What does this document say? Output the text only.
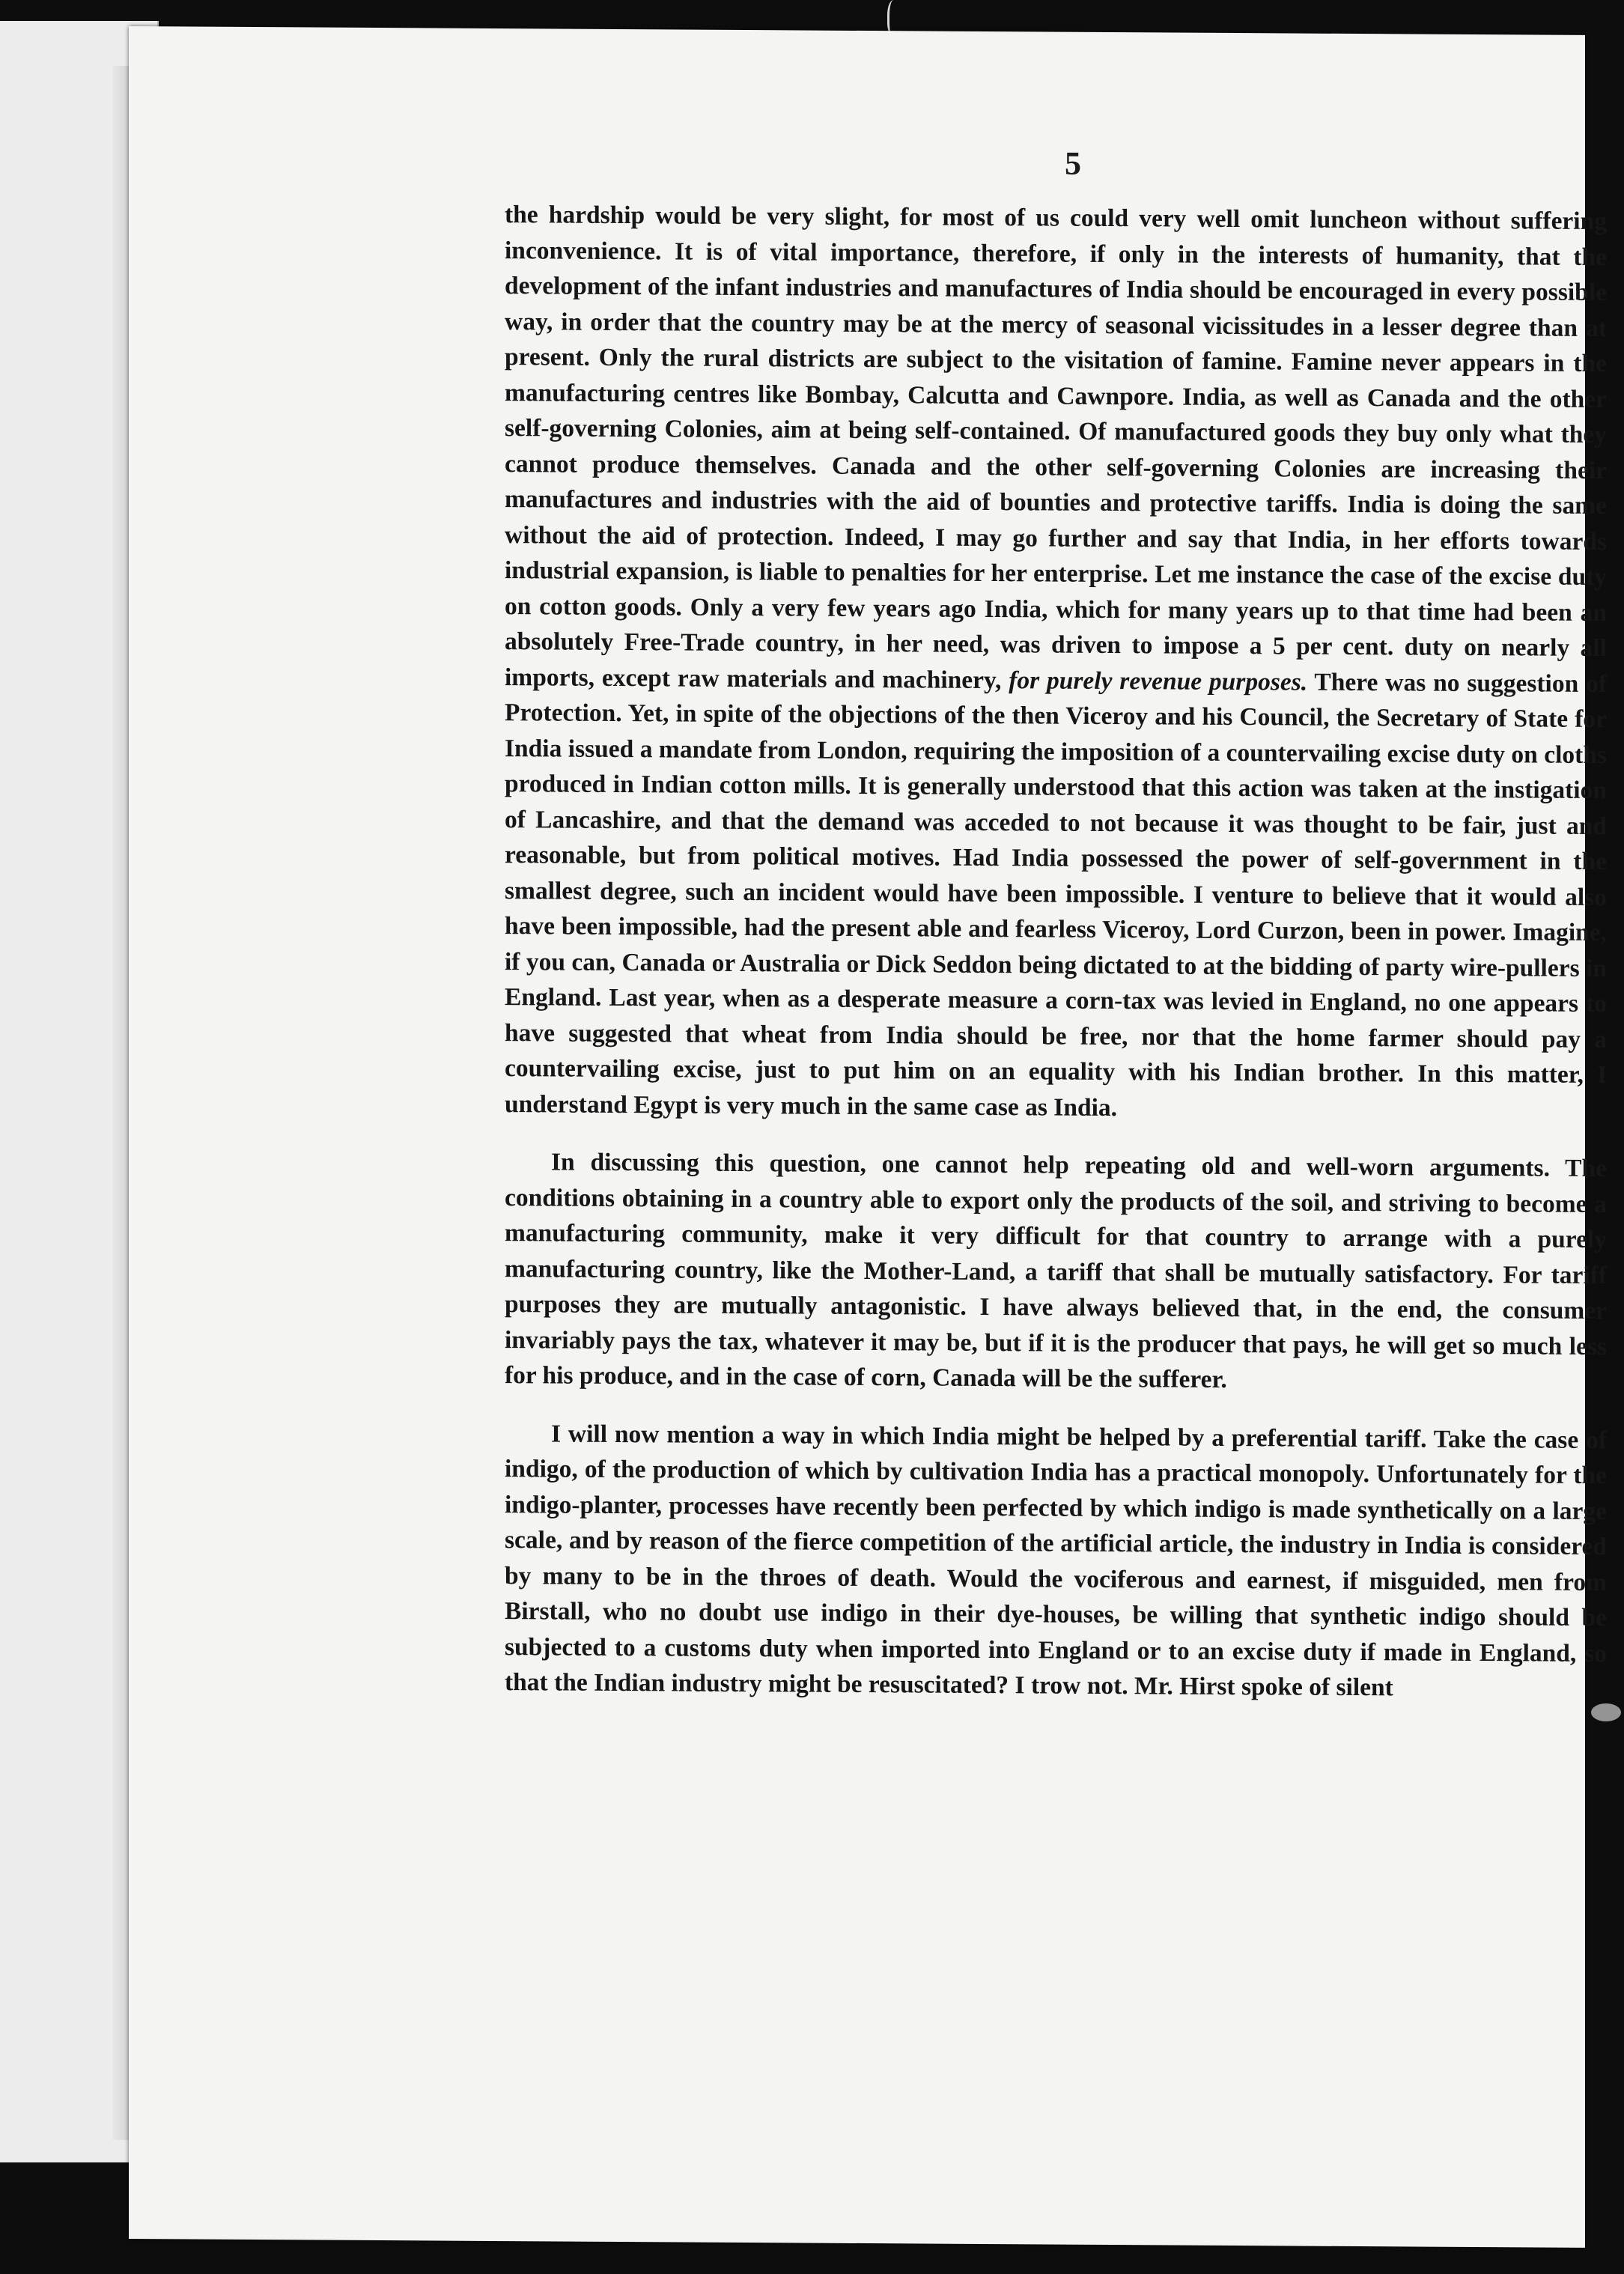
5

the hardship would be very slight, for most of us could very well omit luncheon without suffering inconvenience. It is of vital importance, therefore, if only in the interests of humanity, that the development of the infant industries and manufactures of India should be encouraged in every possible way, in order that the country may be at the mercy of seasonal vicissitudes in a lesser degree than at present. Only the rural districts are subject to the visitation of famine. Famine never appears in the manufacturing centres like Bombay, Calcutta and Cawnpore. India, as well as Canada and the other self-governing Colonies, aim at being self-contained. Of manufactured goods they buy only what they cannot produce themselves. Canada and the other self-governing Colonies are increasing their manufactures and industries with the aid of bounties and protective tariffs. India is doing the same without the aid of protection. Indeed, I may go further and say that India, in her efforts towards industrial expansion, is liable to penalties for her enterprise. Let me instance the case of the excise duty on cotton goods. Only a very few years ago India, which for many years up to that time had been an absolutely Free-Trade country, in her need, was driven to impose a 5 per cent. duty on nearly all imports, except raw materials and machinery, for purely revenue purposes. There was no suggestion of Protection. Yet, in spite of the objections of the then Viceroy and his Council, the Secretary of State for India issued a mandate from London, requiring the imposition of a countervailing excise duty on cloths produced in Indian cotton mills. It is generally understood that this action was taken at the instigation of Lancashire, and that the demand was acceded to not because it was thought to be fair, just and reasonable, but from political motives. Had India possessed the power of self-government in the smallest degree, such an incident would have been impossible. I venture to believe that it would also have been impossible, had the present able and fearless Viceroy, Lord Curzon, been in power. Imagine, if you can, Canada or Australia or Dick Seddon being dictated to at the bidding of party wire-pullers in England. Last year, when as a desperate measure a corn-tax was levied in England, no one appears to have suggested that wheat from India should be free, nor that the home farmer should pay a countervailing excise, just to put him on an equality with his Indian brother. In this matter, I understand Egypt is very much in the same case as India.

In discussing this question, one cannot help repeating old and well-worn arguments. The conditions obtaining in a country able to export only the products of the soil, and striving to become a manufacturing community, make it very difficult for that country to arrange with a purely manufacturing country, like the Mother-Land, a tariff that shall be mutually satisfactory. For tariff purposes they are mutually antagonistic. I have always believed that, in the end, the consumer invariably pays the tax, whatever it may be, but if it is the producer that pays, he will get so much less for his produce, and in the case of corn, Canada will be the sufferer.

I will now mention a way in which India might be helped by a preferential tariff. Take the case of indigo, of the production of which by cultivation India has a practical monopoly. Unfortunately for the indigo-planter, processes have recently been perfected by which indigo is made synthetically on a large scale, and by reason of the fierce competition of the artificial article, the industry in India is considered by many to be in the throes of death. Would the vociferous and earnest, if misguided, men from Birstall, who no doubt use indigo in their dye-houses, be willing that synthetic indigo should be subjected to a customs duty when imported into England or to an excise duty if made in England, so that the Indian industry might be resuscitated? I trow not. Mr. Hirst spoke of silent
